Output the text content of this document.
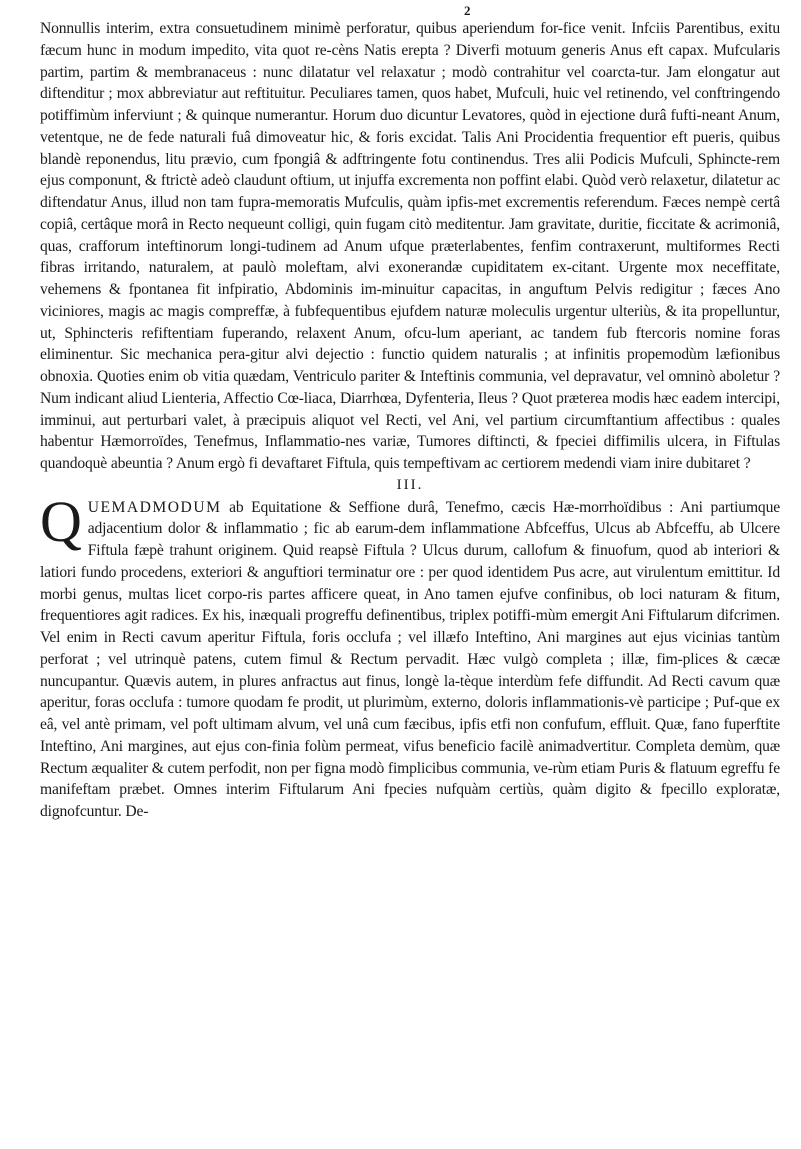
2

Nonnullis interim, extra consuetudinem minimè perforatur, quibus aperiendum for-fice venit. Infciis Parentibus, exitu fæcum hunc in modum impedito, vita quot re-cèns Natis erepta ? Diverfi motuum generis Anus eft capax. Mufcularis partim, partim & membranaceus : nunc dilatatur vel relaxatur ; modò contrahitur vel coarcta-tur. Jam elongatur aut diftenditur ; mox abbreviatur aut reftituitur. Peculiares tamen, quos habet, Mufculi, huic vel retinendo, vel conftringendo potiffimùm inferviunt ; & quinque numerantur. Horum duo dicuntur Levatores, quòd in ejectione durâ fufti-neant Anum, vetentque, ne de fede naturali fuâ dimoveatur hic, & foris excidat. Talis Ani Procidentia frequentior eft pueris, quibus blandè reponendus, litu prævio, cum fpongiâ & adftringente fotu continendus. Tres alii Podicis Mufculi, Sphincte-rem ejus componunt, & ftrictè adeò claudunt oftium, ut injuffa excrementa non poffint elabi. Quòd verò relaxetur, dilatetur ac diftendatur Anus, illud non tam fupra-memoratis Mufculis, quàm ipfis-met excrementis referendum. Fæces nempè certâ copiâ, certâque morâ in Recto nequeunt colligi, quin fugam citò meditentur. Jam gravitate, duritie, ficcitate & acrimoniâ, quas, crafforum inteftinorum longi-tudinem ad Anum ufque præterlabentes, fenfim contraxerunt, multiformes Recti fibras irritando, naturalem, at paulò moleftam, alvi exonerandæ cupiditatem ex-citant. Urgente mox neceffitate, vehemens & fpontanea fit infpiratio, Abdominis im-minuitur capacitas, in anguftum Pelvis redigitur ; fæces Ano viciniores, magis ac magis compreffæ, à fubfequentibus ejufdem naturæ moleculis urgentur ulteriùs, & ita propelluntur, ut, Sphincteris refiftentiam fuperando, relaxent Anum, ofcu-lum aperiant, ac tandem fub ftercoris nomine foras eliminentur. Sic mechanica pera-gitur alvi dejectio : functio quidem naturalis ; at infinitis propemodùm læfionibus obnoxia. Quoties enim ob vitia quædam, Ventriculo pariter & Inteftinis communia, vel depravatur, vel omninò aboletur ? Num indicant aliud Lienteria, Affectio Cœ-liaca, Diarrhœa, Dyfenteria, Ileus ? Quot præterea modis hæc eadem intercipi, imminui, aut perturbari valet, à præcipuis aliquot vel Recti, vel Ani, vel partium circumftantium affectibus : quales habentur Hæmorroïdes, Tenefmus, Inflammatio-nes variæ, Tumores diftincti, & fpeciei diffimilis ulcera, in Fiftulas quandoquè abeuntia ? Anum ergò fi devaftaret Fiftula, quis tempeftivam ac certiorem medendi viam inire dubitaret ?

III.

QUEMADMODUM ab Equitatione & Seffione durâ, Tenefmo, cæcis Hæ-morrhoïdibus : Ani partiumque adjacentium dolor & inflammatio ; fic ab earum-dem inflammatione Abfceffus, Ulcus ab Abfceffu, ab Ulcere Fiftula fæpè trahunt originem. Quid reapsè Fiftula ? Ulcus durum, callofum & finuofum, quod ab interiori & latiori fundo procedens, exteriori & anguftiori terminatur ore : per quod identidem Pus acre, aut virulentum emittitur. Id morbi genus, multas licet corpo-ris partes afficere queat, in Ano tamen ejufve confinibus, ob loci naturam & fitum, frequentiores agit radices. Ex his, inæquali progreffu definentibus, triplex potiffi-mùm emergit Ani Fiftularum difcrimen. Vel enim in Recti cavum aperitur Fiftula, foris occlufa ; vel illæfo Inteftino, Ani margines aut ejus vicinias tantùm perforat ; vel utrinquè patens, cutem fimul & Rectum pervadit. Hæc vulgò completa ; illæ, fim-plices & cæcæ nuncupantur. Quævis autem, in plures anfractus aut finus, longè la-tèque interdùm fefe diffundit. Ad Recti cavum quæ aperitur, foras occlufa : tumore quodam fe prodit, ut plurimùm, externo, doloris inflammationis-vè participe ; Puf-que ex eâ, vel antè primam, vel poft ultimam alvum, vel unâ cum fæcibus, ipfis etfi non confufum, effluit. Quæ, fano fuperftite Inteftino, Ani margines, aut ejus con-finia folùm permeat, vifus beneficio facilè animadvertitur. Completa demùm, quæ Rectum æqualiter & cutem perfodit, non per figna modò fimplicibus communia, ve-rùm etiam Puris & flatuum egreffu fe manifeftam præbet. Omnes interim Fiftularum Ani fpecies nufquàm certiùs, quàm digito & fpecillo exploratæ, dignofcuntur. De-
